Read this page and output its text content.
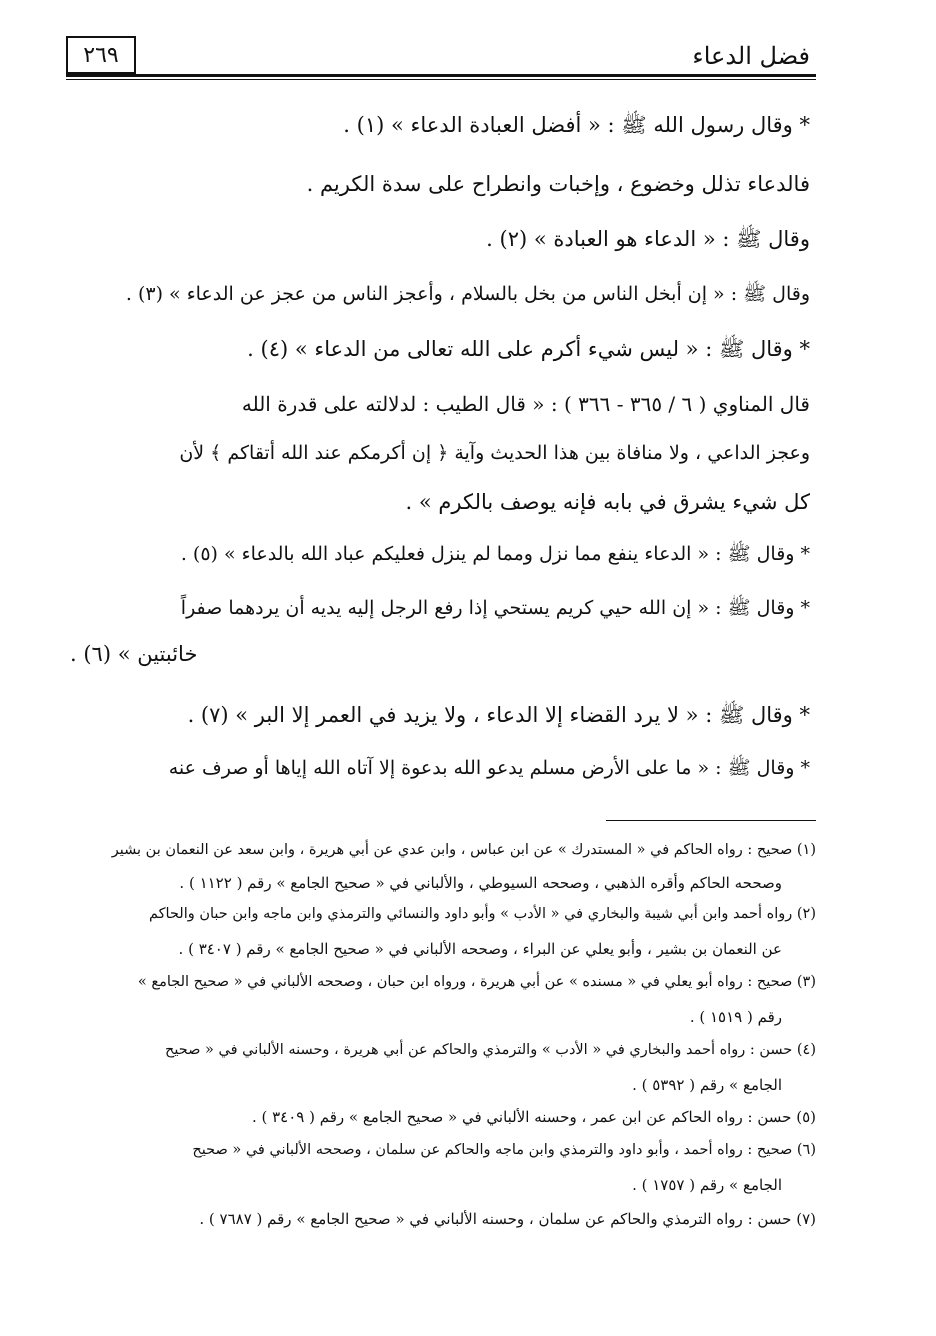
فضل الدعاء
٢٦٩
* وقال رسول الله ﷺ : « أفضل العبادة الدعاء » (١) .
فالدعاء تذلل وخضوع ، وإخبات وانطراح على سدة الكريم .
وقال ﷺ : « الدعاء هو العبادة » (٢) .
وقال ﷺ : « إن أبخل الناس من بخل بالسلام ، وأعجز الناس من عجز عن الدعاء » (٣) .
* وقال ﷺ : « ليس شيء أكرم على الله تعالى من الدعاء » (٤) .
قال المناوي ( ٦ / ٣٦٥ - ٣٦٦ ) : « قال الطيب : لدلالته على قدرة الله
وعجز الداعي ، ولا منافاة بين هذا الحديث وآية ﴿ إن أكرمكم عند الله أتقاكم ﴾ لأن
كل شيء يشرق في بابه فإنه يوصف بالكرم » .
* وقال ﷺ : « الدعاء ينفع مما نزل ومما لم ينزل فعليكم عباد الله بالدعاء » (٥) .
* وقال ﷺ : « إن الله حيي كريم يستحي إذا رفع الرجل إليه يديه أن يردهما صفراً
خائبتين » (٦) .
* وقال ﷺ : « لا يرد القضاء إلا الدعاء ، ولا يزيد في العمر إلا البر » (٧) .
* وقال ﷺ : « ما على الأرض مسلم يدعو الله بدعوة إلا آتاه الله إياها أو صرف عنه
(١) صحيح : رواه الحاكم في « المستدرك » عن ابن عباس ، وابن عدي عن أبي هريرة ، وابن سعد عن النعمان بن بشير
وصححه الحاكم وأقره الذهبي ، وصححه السيوطي ، والألباني في « صحيح الجامع » رقم ( ١١٢٢ ) .
(٢) رواه أحمد وابن أبي شيبة والبخاري في « الأدب » وأبو داود والنسائي والترمذي وابن ماجه وابن حبان والحاكم
عن النعمان بن بشير ، وأبو يعلي عن البراء ، وصححه الألباني في « صحيح الجامع » رقم ( ٣٤٠٧ ) .
(٣) صحيح : رواه أبو يعلي في « مسنده » عن أبي هريرة ، ورواه ابن حبان ، وصححه الألباني في « صحيح الجامع »
رقم ( ١٥١٩ ) .
(٤) حسن : رواه أحمد والبخاري في « الأدب » والترمذي والحاكم عن أبي هريرة ، وحسنه الألباني في « صحيح
الجامع » رقم ( ٥٣٩٢ ) .
(٥) حسن : رواه الحاكم عن ابن عمر ، وحسنه الألباني في « صحيح الجامع » رقم ( ٣٤٠٩ ) .
(٦) صحيح : رواه أحمد ، وأبو داود والترمذي وابن ماجه والحاكم عن سلمان ، وصححه الألباني في « صحيح
الجامع » رقم ( ١٧٥٧ ) .
(٧) حسن : رواه الترمذي والحاكم عن سلمان ، وحسنه الألباني في « صحيح الجامع » رقم ( ٧٦٨٧ ) .
